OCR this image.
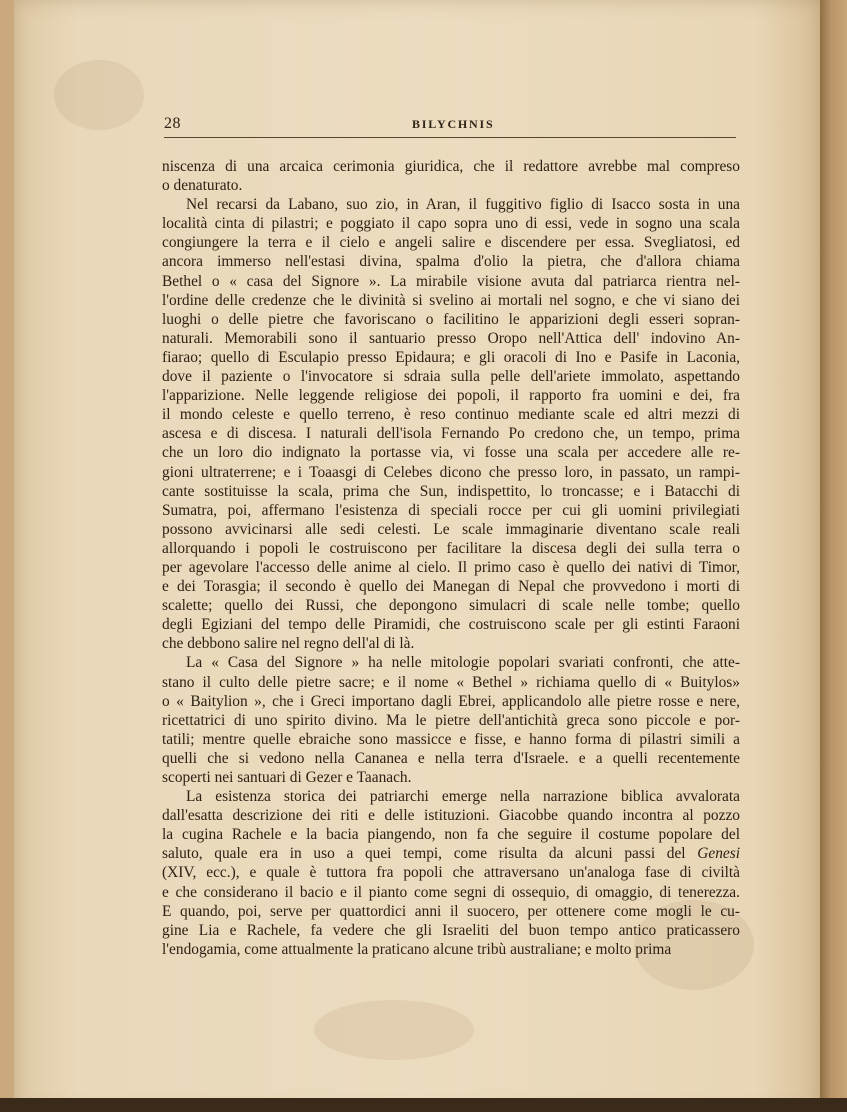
28	BILYCHNIS
niscenza di una arcaica cerimonia giuridica, che il redattore avrebbe mal compreso
o denaturato.
Nel recarsi da Labano, suo zio, in Aran, il fuggitivo figlio di Isacco sosta in una
località cinta di pilastri; e poggiato il capo sopra uno di essi, vede in sogno una scala
congiungere la terra e il cielo e angeli salire e discendere per essa. Svegliatosi, ed
ancora immerso nell'estasi divina, spalma d'olio la pietra, che d'allora chiama
Bethel o « casa del Signore ». La mirabile visione avuta dal patriarca rientra nel-
l'ordine delle credenze che le divinità si svelino ai mortali nel sogno, e che vi siano dei
luoghi o delle pietre che favoriscano o facilitino le apparizioni degli esseri sopran-
naturali. Memorabili sono il santuario presso Oropo nell'Attica dell' indovino An-
fiarao; quello di Esculapio presso Epidaura; e gli oracoli di Ino e Pasife in Laconia,
dove il paziente o l'invocatore si sdraia sulla pelle dell'ariete immolato, aspettando
l'apparizione. Nelle leggende religiose dei popoli, il rapporto fra uomini e dei, fra
il mondo celeste e quello terreno, è reso continuo mediante scale ed altri mezzi di
ascesa e di discesa. I naturali dell'isola Fernando Po credono che, un tempo, prima
che un loro dio indignato la portasse via, vi fosse una scala per accedere alle re-
gioni ultraterrene; e i Toaasgi di Celebes dicono che presso loro, in passato, un rampi-
cante sostituisse la scala, prima che Sun, indispettito, lo troncasse; e i Batacchi di
Sumatra, poi, affermano l'esistenza di speciali rocce per cui gli uomini privilegiati
possono avvicinarsi alle sedi celesti. Le scale immaginarie diventano scale reali
allorquando i popoli le costruiscono per facilitare la discesa degli dei sulla terra o
per agevolare l'accesso delle anime al cielo. Il primo caso è quello dei nativi di Timor,
e dei Torasgia; il secondo è quello dei Manegan di Nepal che provvedono i morti di
scalette; quello dei Russi, che depongono simulacri di scale nelle tombe; quello
degli Egiziani del tempo delle Piramidi, che costruiscono scale per gli estinti Faraoni
che debbono salire nel regno dell'al di là.
La « Casa del Signore » ha nelle mitologie popolari svariati confronti, che atte-
stano il culto delle pietre sacre; e il nome « Bethel » richiama quello di « Buitylos»
o « Baitylion », che i Greci importano dagli Ebrei, applicandolo alle pietre rosse e nere,
ricettatrici di uno spirito divino. Ma le pietre dell'antichità greca sono piccole e por-
tatili; mentre quelle ebraiche sono massicce e fisse, e hanno forma di pilastri simili a
quelli che si vedono nella Cananea e nella terra d'Israele. e a quelli recentemente
scoperti nei santuari di Gezer e Taanach.
La esistenza storica dei patriarchi emerge nella narrazione biblica avvalorata
dall'esatta descrizione dei riti e delle istituzioni. Giacobbe quando incontra al pozzo
la cugina Rachele e la bacia piangendo, non fa che seguire il costume popolare del
saluto, quale era in uso a quei tempi, come risulta da alcuni passi del Genesi
(XIV, ecc.), e quale è tuttora fra popoli che attraversano un'analoga fase di civiltà
e che considerano il bacio e il pianto come segni di ossequio, di omaggio, di tenerezza.
E quando, poi, serve per quattordici anni il suocero, per ottenere come mogli le cu-
gine Lia e Rachele, fa vedere che gli Israeliti del buon tempo antico praticassero
l'endogamia, come attualmente la praticano alcune tribù australiane; e molto prima
